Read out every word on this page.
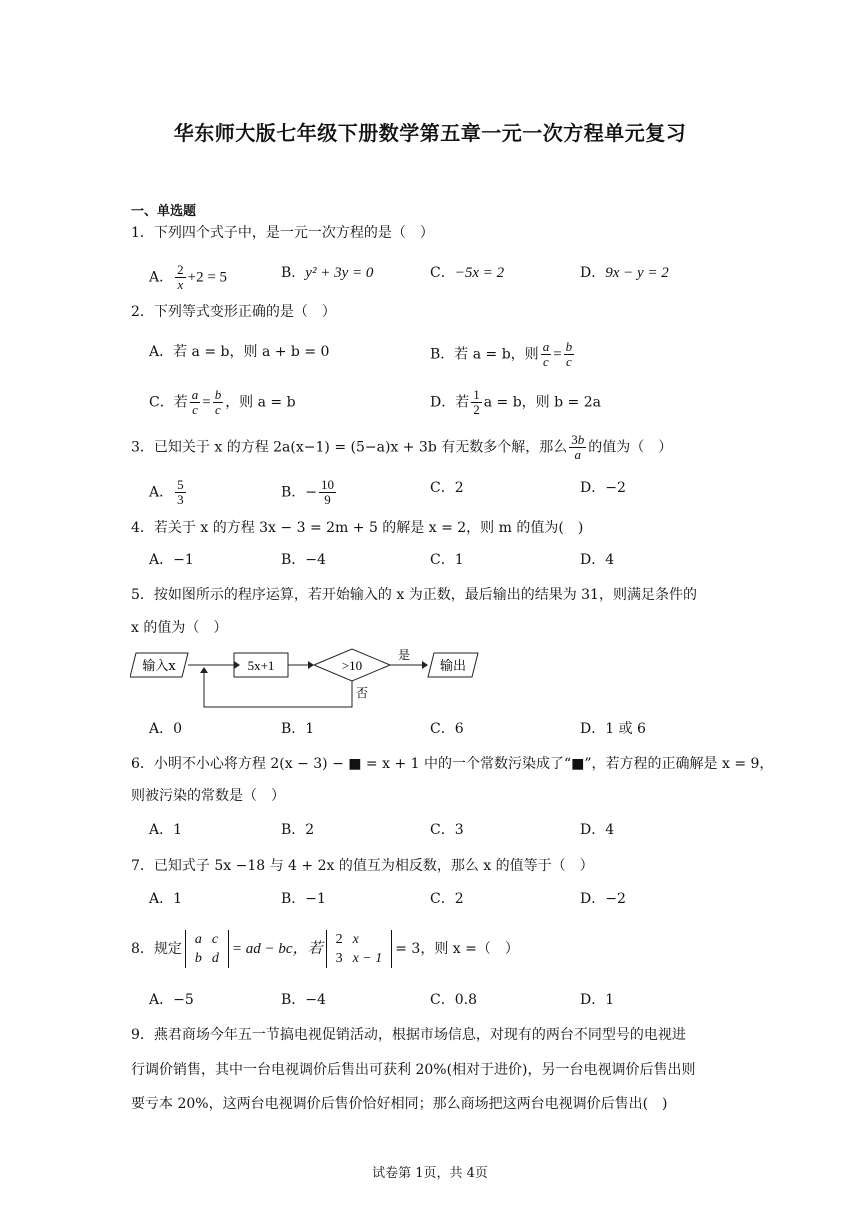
华东师大版七年级下册数学第五章一元一次方程单元复习
一、单选题
1．下列四个式子中，是一元一次方程的是（　）
A． $\frac{2}{x} +2 = 5$	B．y² + 3y = 0	C．−5x = 2	D．9x − y = 2
2．下列等式变形正确的是（　）
A．若 a = b，则 a + b = 0	B．若 a = b，则 $\frac{a}{c} = \frac{b}{c}$
C．若 $\frac{a}{c} = \frac{b}{c}$ ，则 a = b	D．若 $\frac{1}{2}$ a = b，则 b = 2a
3．已知关于 x 的方程 2a(x−1) = (5−a)x + 3b 有无数多个解，那么 $\frac{3b}{a}$ 的值为（　）
A． $\frac{5}{3}$	B．− $\frac{10}{9}$	C．2	D．−2
4．若关于 x 的方程 3x − 3 = 2m + 5 的解是 x = 2，则 m 的值为(　)
A．−1	B．−4	C．1	D．4
5．按如图所示的程序运算，若开始输入的 x 为正数，最后输出的结果为 31，则满足条件的
x 的值为（　）
输入x	5x+1	>10
是
输出
否
A．0	B．1	C．6	D．1 或 6
6．小明不小心将方程 2(x − 3) − ■ = x + 1 中的一个常数污染成了“■”，若方程的正确解是 x = 9，
则被污染的常数是（　）
A．1	B．2	C．3	D．4
7．已知式子 5x −18 与 4 + 2x 的值互为相反数，那么 x 的值等于（　）
A．1	B．−1	C．2	D．−2
8．规定
a	c
b	d
= ad − bc，若
2	x
3	x − 1
= 3，则 x =（　）
A．−5	B．−4	C．0.8	D．1
9．燕君商场今年五一节搞电视促销活动，根据市场信息，对现有的两台不同型号的电视进
行调价销售，其中一台电视调价后售出可获利 20%(相对于进价)，另一台电视调价后售出则
要亏本 20%，这两台电视调价后售价恰好相同；那么商场把这两台电视调价后售出(　)
试卷第 1页，共 4页
